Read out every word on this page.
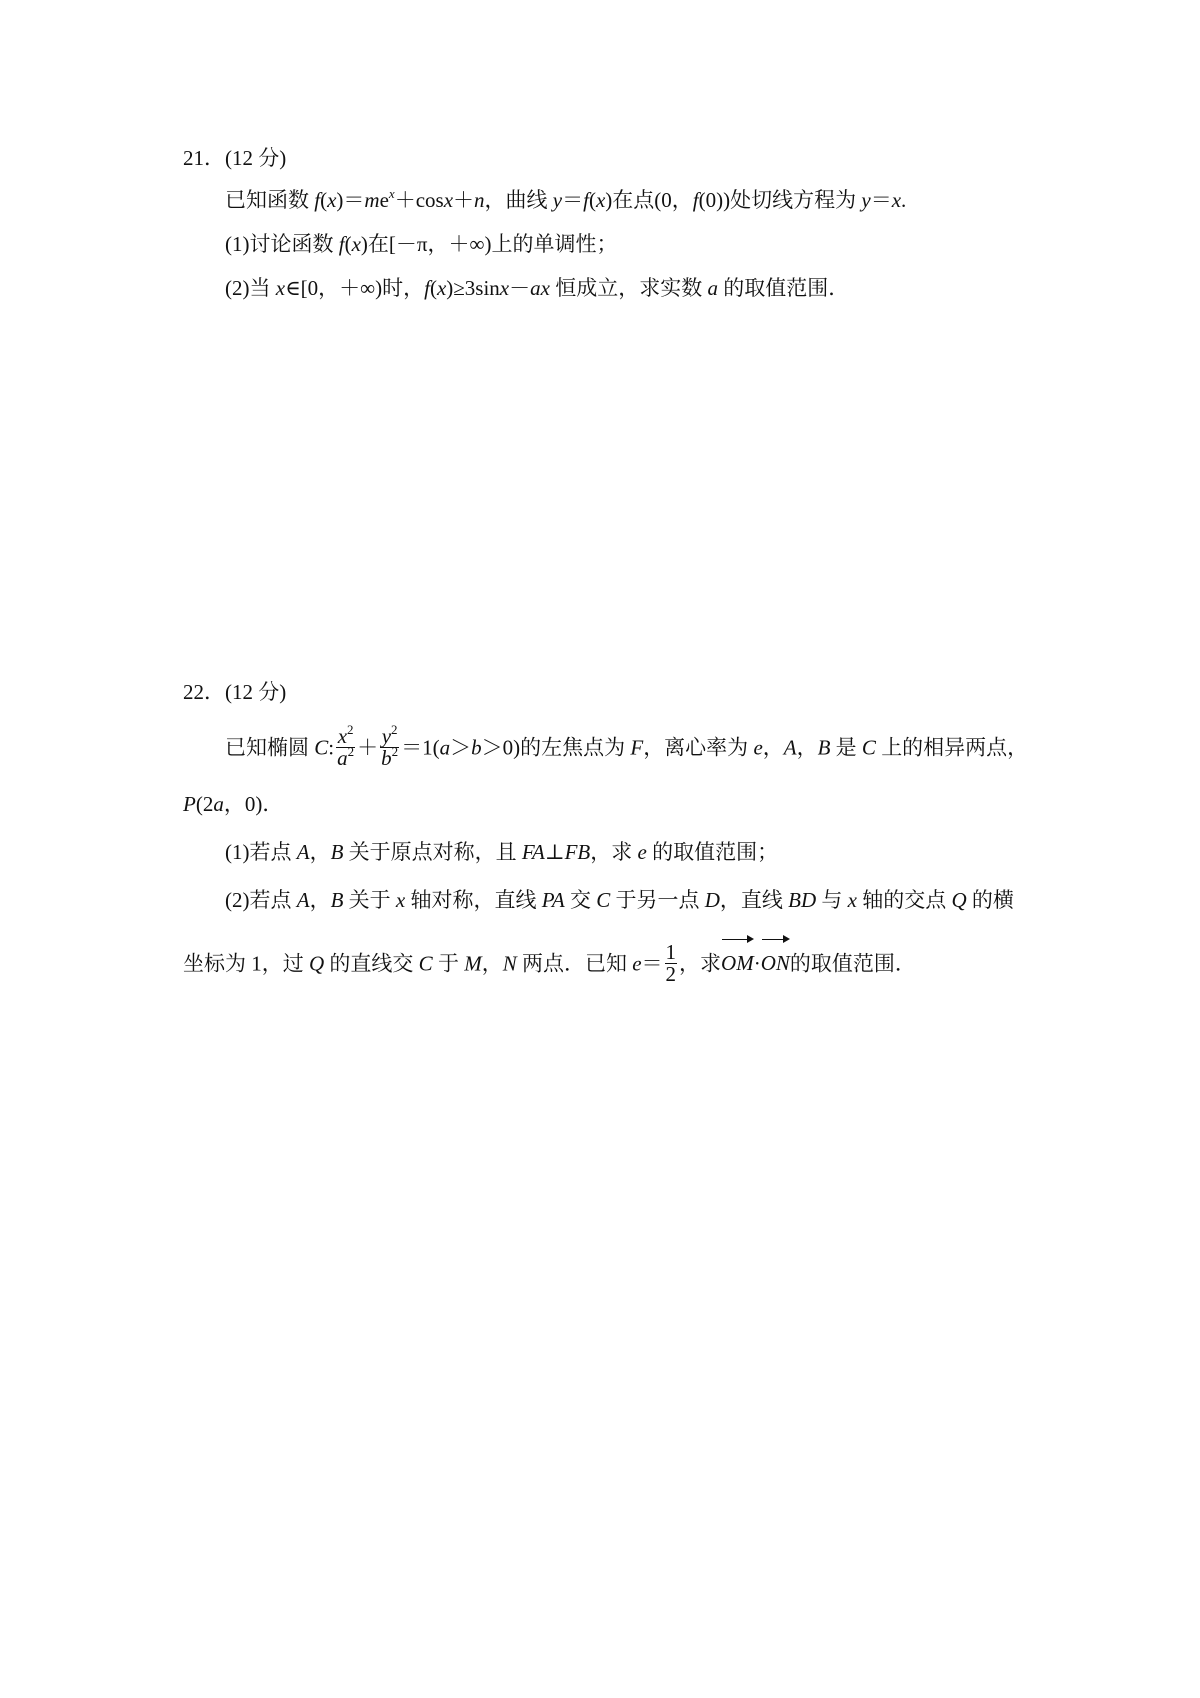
21．(12 分)
已知函数 $f(x)=me^x+\cos x+n$，曲线 y＝f(x)在点(0，f(0))处切线方程为 y＝x.
(1)讨论函数 f(x)在[－π，＋∞)上的单调性；
(2)当 x∈[0，＋∞)时，f(x)≥3sinx－ax 恒成立，求实数 a 的取值范围．
22．(12 分)
已知椭圆 C: $\frac{x^2}{a^2} + \frac{y^2}{b^2} =1(a>b>0)$的左焦点为 F，离心率为 e，A，B 是 C 上的相异两点，
P(2a，0)．
(1)若点 A，B 关于原点对称，且 FA⊥FB，求 e 的取值范围；
(2)若点 A，B 关于 x 轴对称，直线 PA 交 C 于另一点 D，直线 BD 与 x 轴的交点 Q 的横
坐标为 1，过 Q 的直线交 C 于 M，N 两点．已知 $e= \frac{1}{2}$ ，求
OM·
ON的取值范围．
